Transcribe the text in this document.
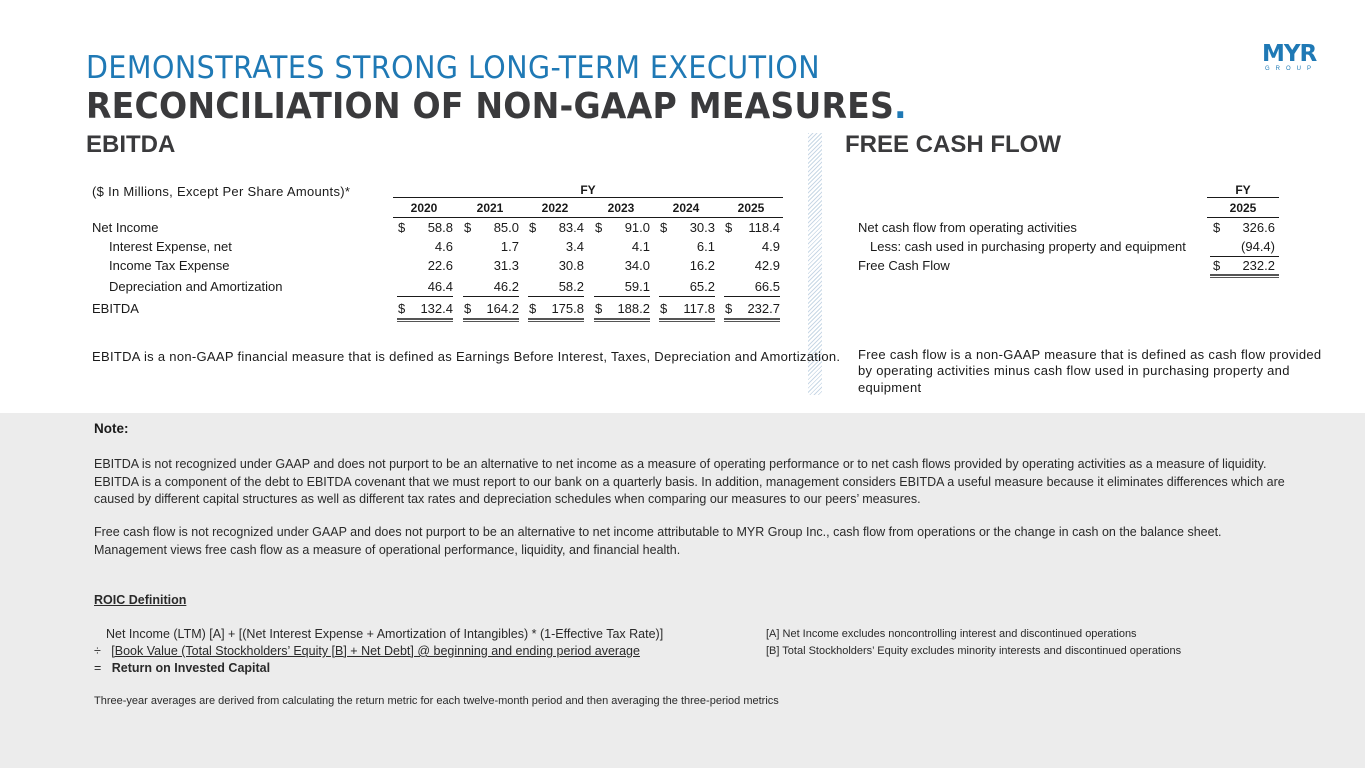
DEMONSTRATES STRONG LONG-TERM EXECUTION
RECONCILIATION OF NON-GAAP MEASURES.
MYR
GROUP
EBITDA	FREE CASH FLOW
($ In Millions, Except Per Share Amounts)*	FY
2020	2021	2022	2023	2024	2025
Net Income	$	58.8 $	85.0 $	83.4 $	91.0 $	30.3 $	118.4
Interest Expense, net	4.6	1.7	3.4	4.1	6.1	4.9
Income Tax Expense	22.6	31.3	30.8	34.0	16.2	42.9
Depreciation and Amortization	46.4	46.2	58.2	59.1	65.2	66.5
EBITDA	$	132.4 $	164.2 $	175.8 $	188.2 $	117.8 $	232.7
FY
2025
Net cash flow from operating activities	$	326.6
Less: cash used in purchasing property and equipment	(94.4)
Free Cash Flow	$	232.2
EBITDA is a non-GAAP financial measure that is defined as Earnings Before Interest, Taxes, Depreciation and Amortization. Free cash flow is a non-GAAP measure that is defined as cash flow provided
by operating activities minus cash flow used in purchasing property and
equipment
Note:
EBITDA is not recognized under GAAP and does not purport to be an alternative to net income as a measure of operating performance or to net cash flows provided by operating activities as a measure of liquidity.
EBITDA is a component of the debt to EBITDA covenant that we must report to our bank on a quarterly basis. In addition, management considers EBITDA a useful measure because it eliminates differences which are
caused by different capital structures as well as different tax rates and depreciation schedules when comparing our measures to our peers’ measures.
Free cash flow is not recognized under GAAP and does not purport to be an alternative to net income attributable to MYR Group Inc., cash flow from operations or the change in cash on the balance sheet.
Management views free cash flow as a measure of operational performance, liquidity, and financial health.
ROIC Definition
Net Income (LTM) [A] + [(Net Interest Expense + Amortization of Intangibles) * (1-Effective Tax Rate)]
÷ [Book Value (Total Stockholders’ Equity [B] + Net Debt] @ beginning and ending period average
= Return on Invested Capital
[A] Net Income excludes noncontrolling interest and discontinued operations
[B] Total Stockholders’ Equity excludes minority interests and discontinued operations
Three-year averages are derived from calculating the return metric for each twelve-month period and then averaging the three-period metrics
